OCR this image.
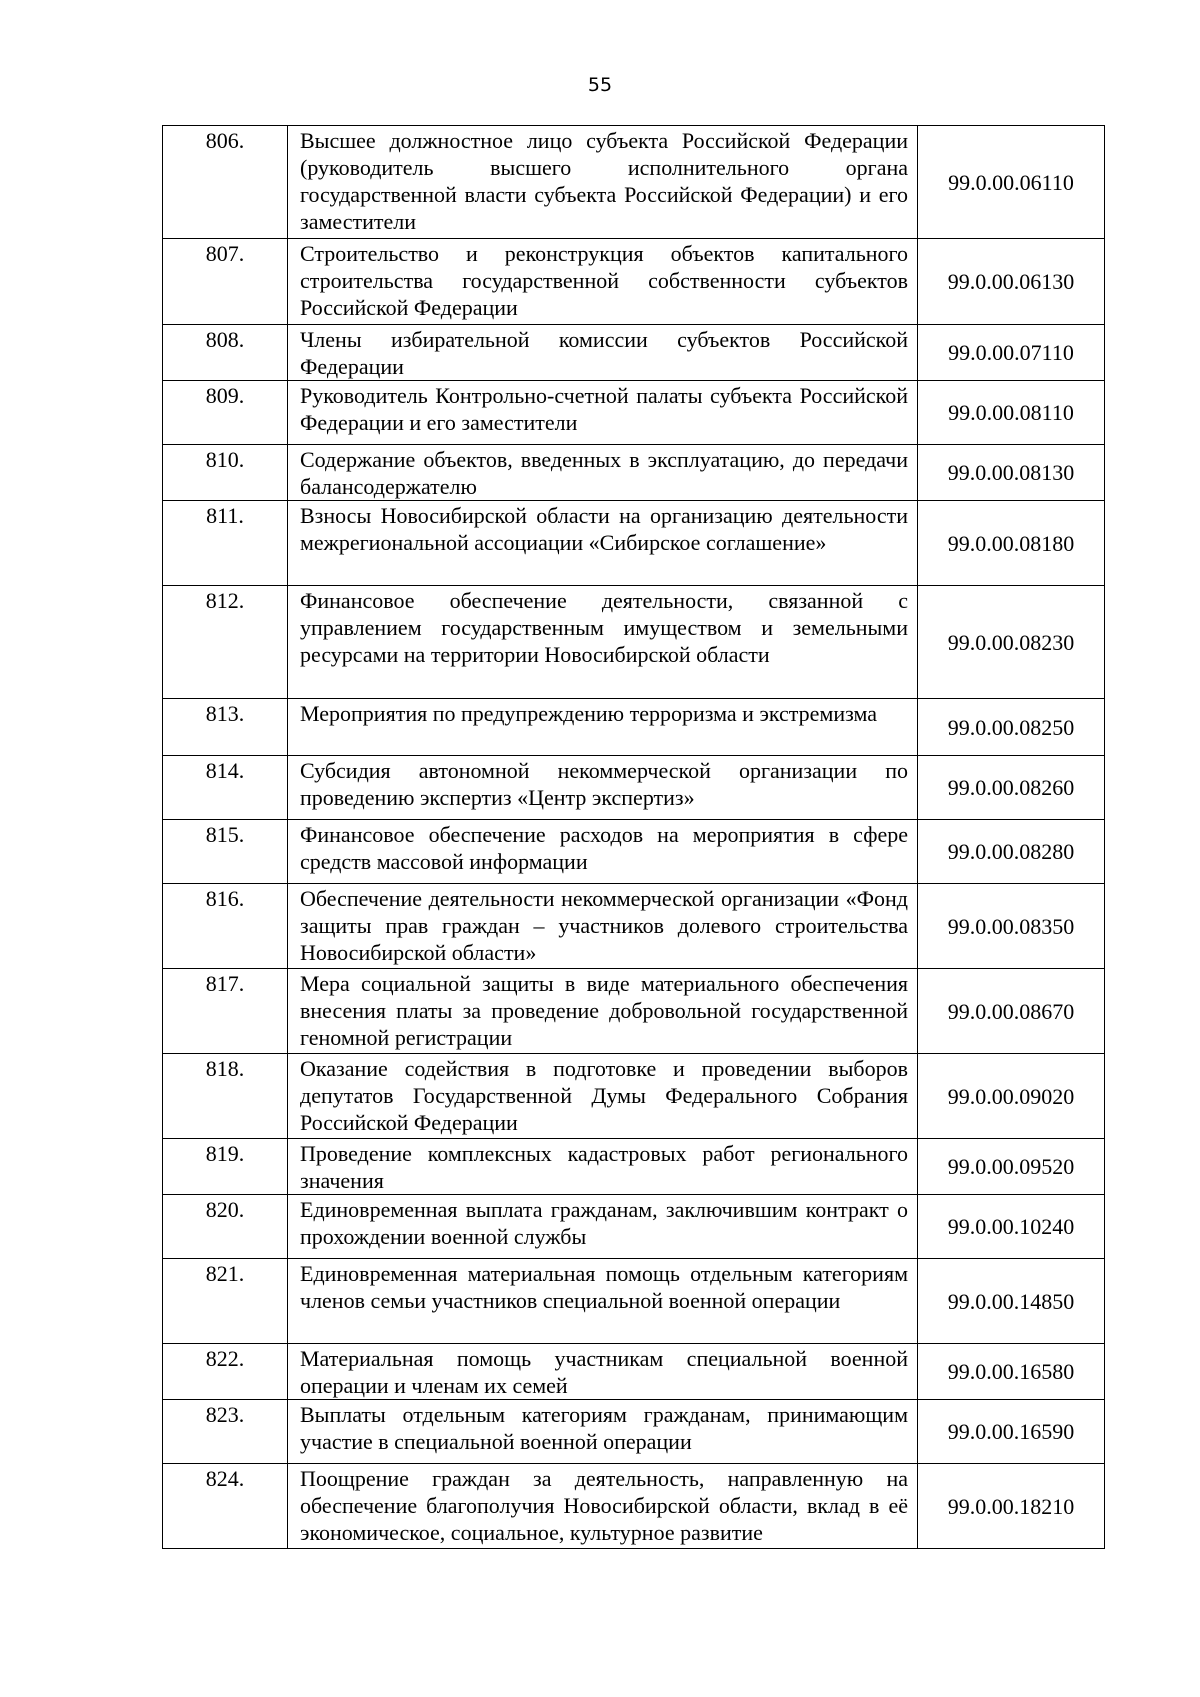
55
806.	Высшее должностное лицо субъекта Российской Федерации (руководитель высшего исполнительного органа государственной власти субъекта Российской Федерации) и его заместители	99.0.00.06110
807.	Строительство и реконструкция объектов капитального строительства государственной собственности субъектов Российской Федерации	99.0.00.06130
808.	Члены избирательной комиссии субъектов Российской Федерации	99.0.00.07110
809.	Руководитель Контрольно-счетной палаты субъекта Российской Федерации и его заместители	99.0.00.08110
810.	Содержание объектов, введенных в эксплуатацию, до передачи балансодержателю	99.0.00.08130
811.	Взносы Новосибирской области на организацию деятельности межрегиональной ассоциации «Сибирское соглашение»	99.0.00.08180
812.	Финансовое обеспечение деятельности, связанной с управлением государственным имуществом и земельными ресурсами на территории Новосибирской области	99.0.00.08230
813.	Мероприятия по предупреждению терроризма и экстремизма	99.0.00.08250
814.	Субсидия автономной некоммерческой организации по проведению экспертиз «Центр экспертиз»	99.0.00.08260
815.	Финансовое обеспечение расходов на мероприятия в сфере средств массовой информации	99.0.00.08280
816.	Обеспечение деятельности некоммерческой организации «Фонд защиты прав граждан – участников долевого строительства Новосибирской области»	99.0.00.08350
817.	Мера социальной защиты в виде материального обеспечения внесения платы за проведение добровольной государственной геномной регистрации	99.0.00.08670
818.	Оказание содействия в подготовке и проведении выборов депутатов Государственной Думы Федерального Собрания Российской Федерации	99.0.00.09020
819.	Проведение комплексных кадастровых работ регионального значения	99.0.00.09520
820.	Единовременная выплата гражданам, заключившим контракт о прохождении военной службы	99.0.00.10240
821.	Единовременная материальная помощь отдельным категориям членов семьи участников специальной военной операции	99.0.00.14850
822.	Материальная помощь участникам специальной военной операции и членам их семей	99.0.00.16580
823.	Выплаты отдельным категориям гражданам, принимающим участие в специальной военной операции	99.0.00.16590
824.	Поощрение граждан за деятельность, направленную на обеспечение благополучия Новосибирской области, вклад в её экономическое, социальное, культурное развитие	99.0.00.18210
